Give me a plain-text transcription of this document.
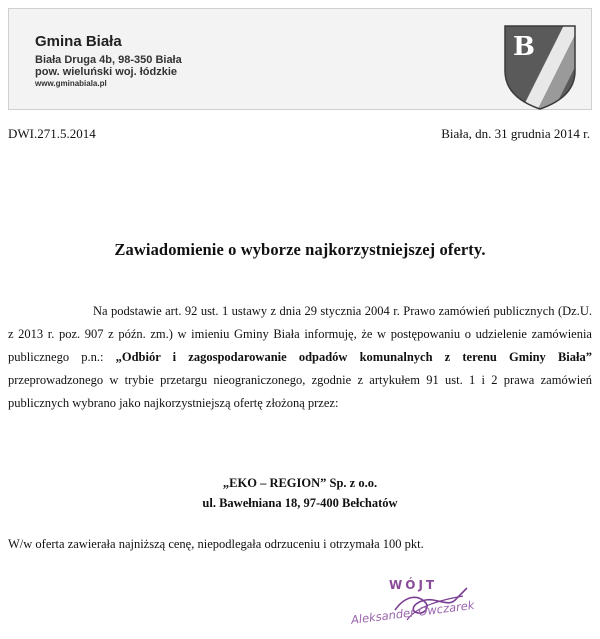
Gmina Biała
Biała Druga 4b, 98-350 Biała
pow. wieluński woj. łódzkie
www.gminabiala.pl
B
DWI.271.5.2014	Biała, dn. 31 grudnia 2014 r.
Zawiadomienie o wyborze najkorzystniejszej oferty.
Na podstawie art. 92 ust. 1 ustawy z dnia 29 stycznia 2004 r. Prawo zamówień publicznych (Dz.U. z 2013 r. poz. 907 z późn. zm.) w imieniu Gminy Biała informuję, że w postępowaniu o udzielenie zamówienia publicznego p.n.: „Odbiór i zagospodarowanie odpadów komunalnych z terenu Gminy Biała” przeprowadzonego w trybie przetargu nieograniczonego, zgodnie z artykułem 91 ust. 1 i 2 prawa zamówień publicznych wybrano jako najkorzystniejszą ofertę złożoną przez:
„EKO – REGION” Sp. z o.o.
ul. Bawełniana 18, 97-400 Bełchatów
W/w oferta zawierała najniższą cenę, niepodlegała odrzuceniu i otrzymała 100 pkt.
WÓJT
Aleksander Owczarek
